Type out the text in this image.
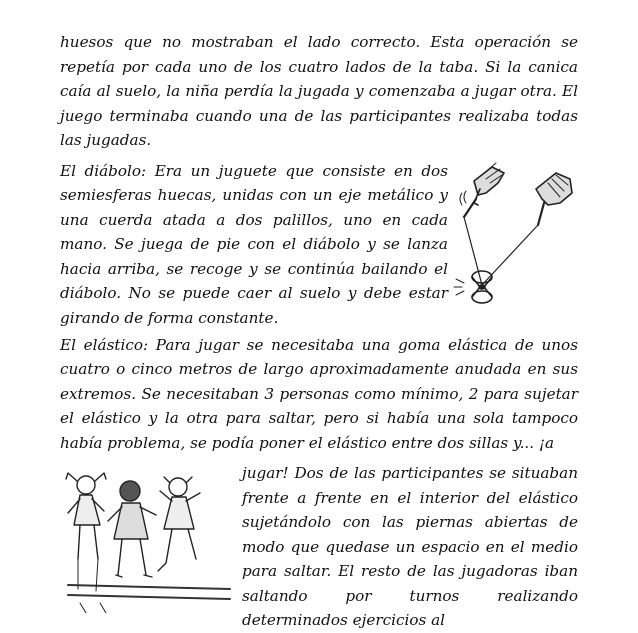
huesos que no mostraban el lado correcto. Esta operación se repetía por cada uno de los cuatro lados de la taba. Si la canica caía al suelo, la niña perdía la jugada y comenzaba a jugar otra. El juego terminaba cuando una de las participantes realizaba todas las jugadas.

El diábolo: Era un juguete que consiste en dos semiesferas huecas, unidas con un eje metálico y una cuerda atada a dos palillos, uno en cada mano. Se juega de pie con el diábolo y se lanza hacia arriba, se recoge y se continúa bailando el diábolo. No se puede caer al suelo y debe estar girando de forma constante.

El elástico: Para jugar se necesitaba una goma elástica de unos cuatro o cinco metros de largo aproximadamente anudada en sus extremos. Se necesitaban 3 personas como mínimo, 2 para sujetar el elástico y la otra para saltar, pero si había una sola tampoco había problema, se podía poner el elástico entre dos sillas y... ¡a

jugar! Dos de las participantes se situaban frente a frente en el interior del elástico sujetándolo con las piernas abiertas de modo que quedase un espacio en el medio para saltar. El resto de las jugadoras iban saltando por turnos realizando determinados ejercicios al
